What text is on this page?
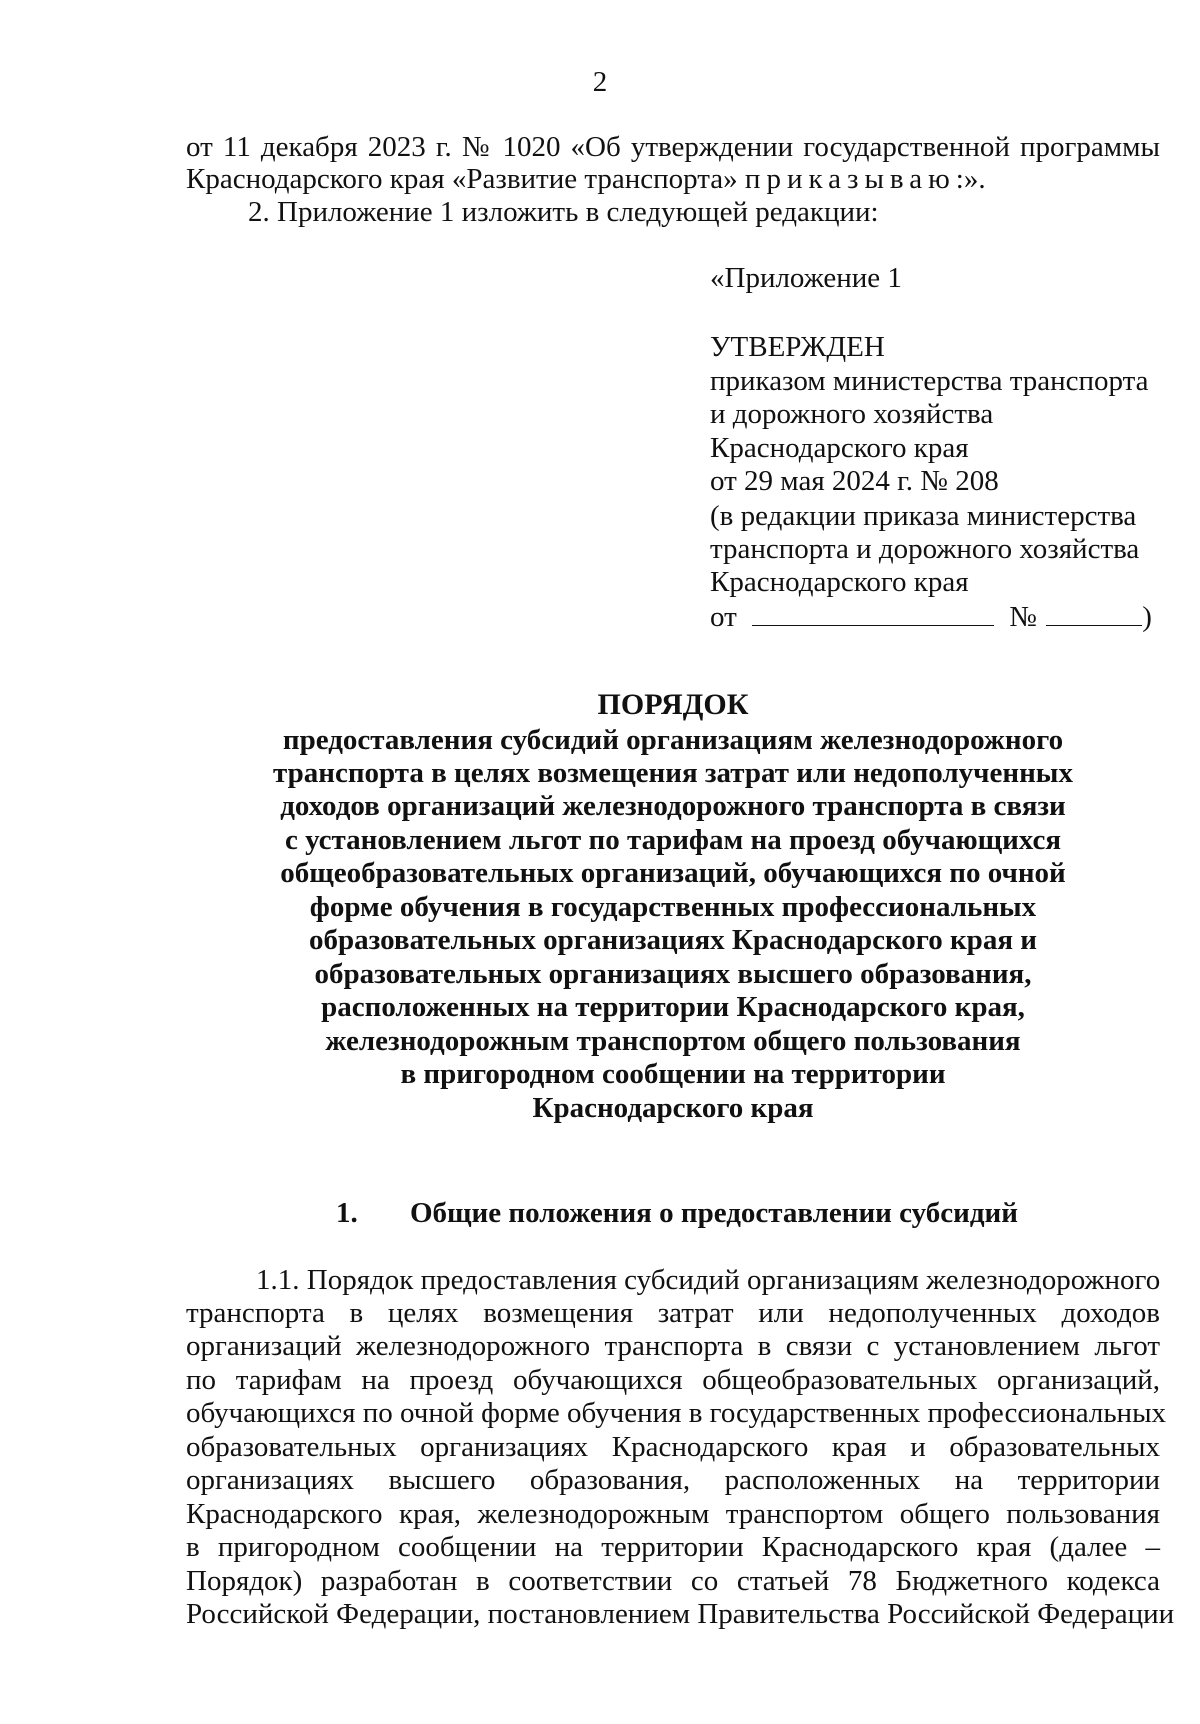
2
от 11 декабря 2023 г. № 1020 «Об утверждении государственной программы
Краснодарского края «Развитие транспорта» приказываю:».
2. Приложение 1 изложить в следующей редакции:
«Приложение 1
УТВЕРЖДЕН
приказом министерства транспорта
и дорожного хозяйства
Краснодарского края
от 29 мая 2024 г. № 208
(в редакции приказа министерства
транспорта и дорожного хозяйства
Краснодарского края
от	№	)
ПОРЯДОК
предоставления субсидий организациям железнодорожного
транспорта в целях возмещения затрат или недополученных
доходов организаций железнодорожного транспорта в связи
с установлением льгот по тарифам на проезд обучающихся
общеобразовательных организаций, обучающихся по очной
форме обучения в государственных профессиональных
образовательных организациях Краснодарского края и
образовательных организациях высшего образования,
расположенных на территории Краснодарского края,
железнодорожным транспортом общего пользования
в пригородном сообщении на территории
Краснодарского края
1. Общие положения о предоставлении субсидий
1.1. Порядок предоставления субсидий организациям железнодорожного
транспорта в целях возмещения затрат или недополученных доходов
организаций железнодорожного транспорта в связи с установлением льгот
по тарифам на проезд обучающихся общеобразовательных организаций,
обучающихся по очной форме обучения в государственных профессиональных
образовательных организациях Краснодарского края и образовательных
организациях высшего образования, расположенных на территории
Краснодарского края, железнодорожным транспортом общего пользования
в пригородном сообщении на территории Краснодарского края (далее –
Порядок) разработан в соответствии со статьей 78 Бюджетного кодекса
Российской Федерации, постановлением Правительства Российской Федерации
